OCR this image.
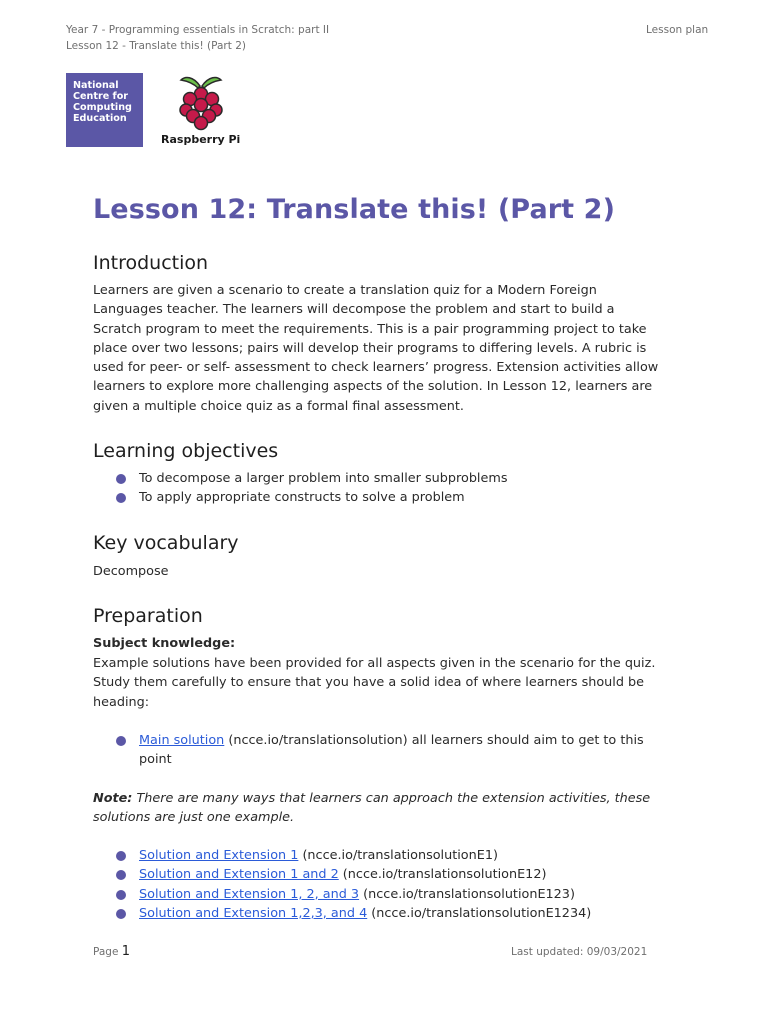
Year 7 - Programming essentials in Scratch: part II
Lesson 12 - Translate this! (Part 2)
Lesson plan
National
Centre for
Computing
Education
Raspberry Pi
Lesson 12: Translate this! (Part 2)
Introduction
Learners are given a scenario to create a translation quiz for a Modern Foreign
Languages teacher. The learners will decompose the problem and start to build a
Scratch program to meet the requirements. This is a pair programming project to take
place over two lessons; pairs will develop their programs to differing levels. A rubric is
used for peer- or self- assessment to check learners’ progress. Extension activities allow
learners to explore more challenging aspects of the solution. In Lesson 12, learners are
given a multiple choice quiz as a formal final assessment.
Learning objectives
To decompose a larger problem into smaller subproblems
To apply appropriate constructs to solve a problem
Key vocabulary
Decompose
Preparation
Subject knowledge:
Example solutions have been provided for all aspects given in the scenario for the quiz.
Study them carefully to ensure that you have a solid idea of where learners should be
heading:
Main solution (ncce.io/translationsolution) all learners should aim to get to this
point
Note: There are many ways that learners can approach the extension activities, these
solutions are just one example.
Solution and Extension 1 (ncce.io/translationsolutionE1)
Solution and Extension 1 and 2 (ncce.io/translationsolutionE12)
Solution and Extension 1, 2, and 3 (ncce.io/translationsolutionE123)
Solution and Extension 1,2,3, and 4 (ncce.io/translationsolutionE1234)
Page 1	Last updated: 09/03/2021
